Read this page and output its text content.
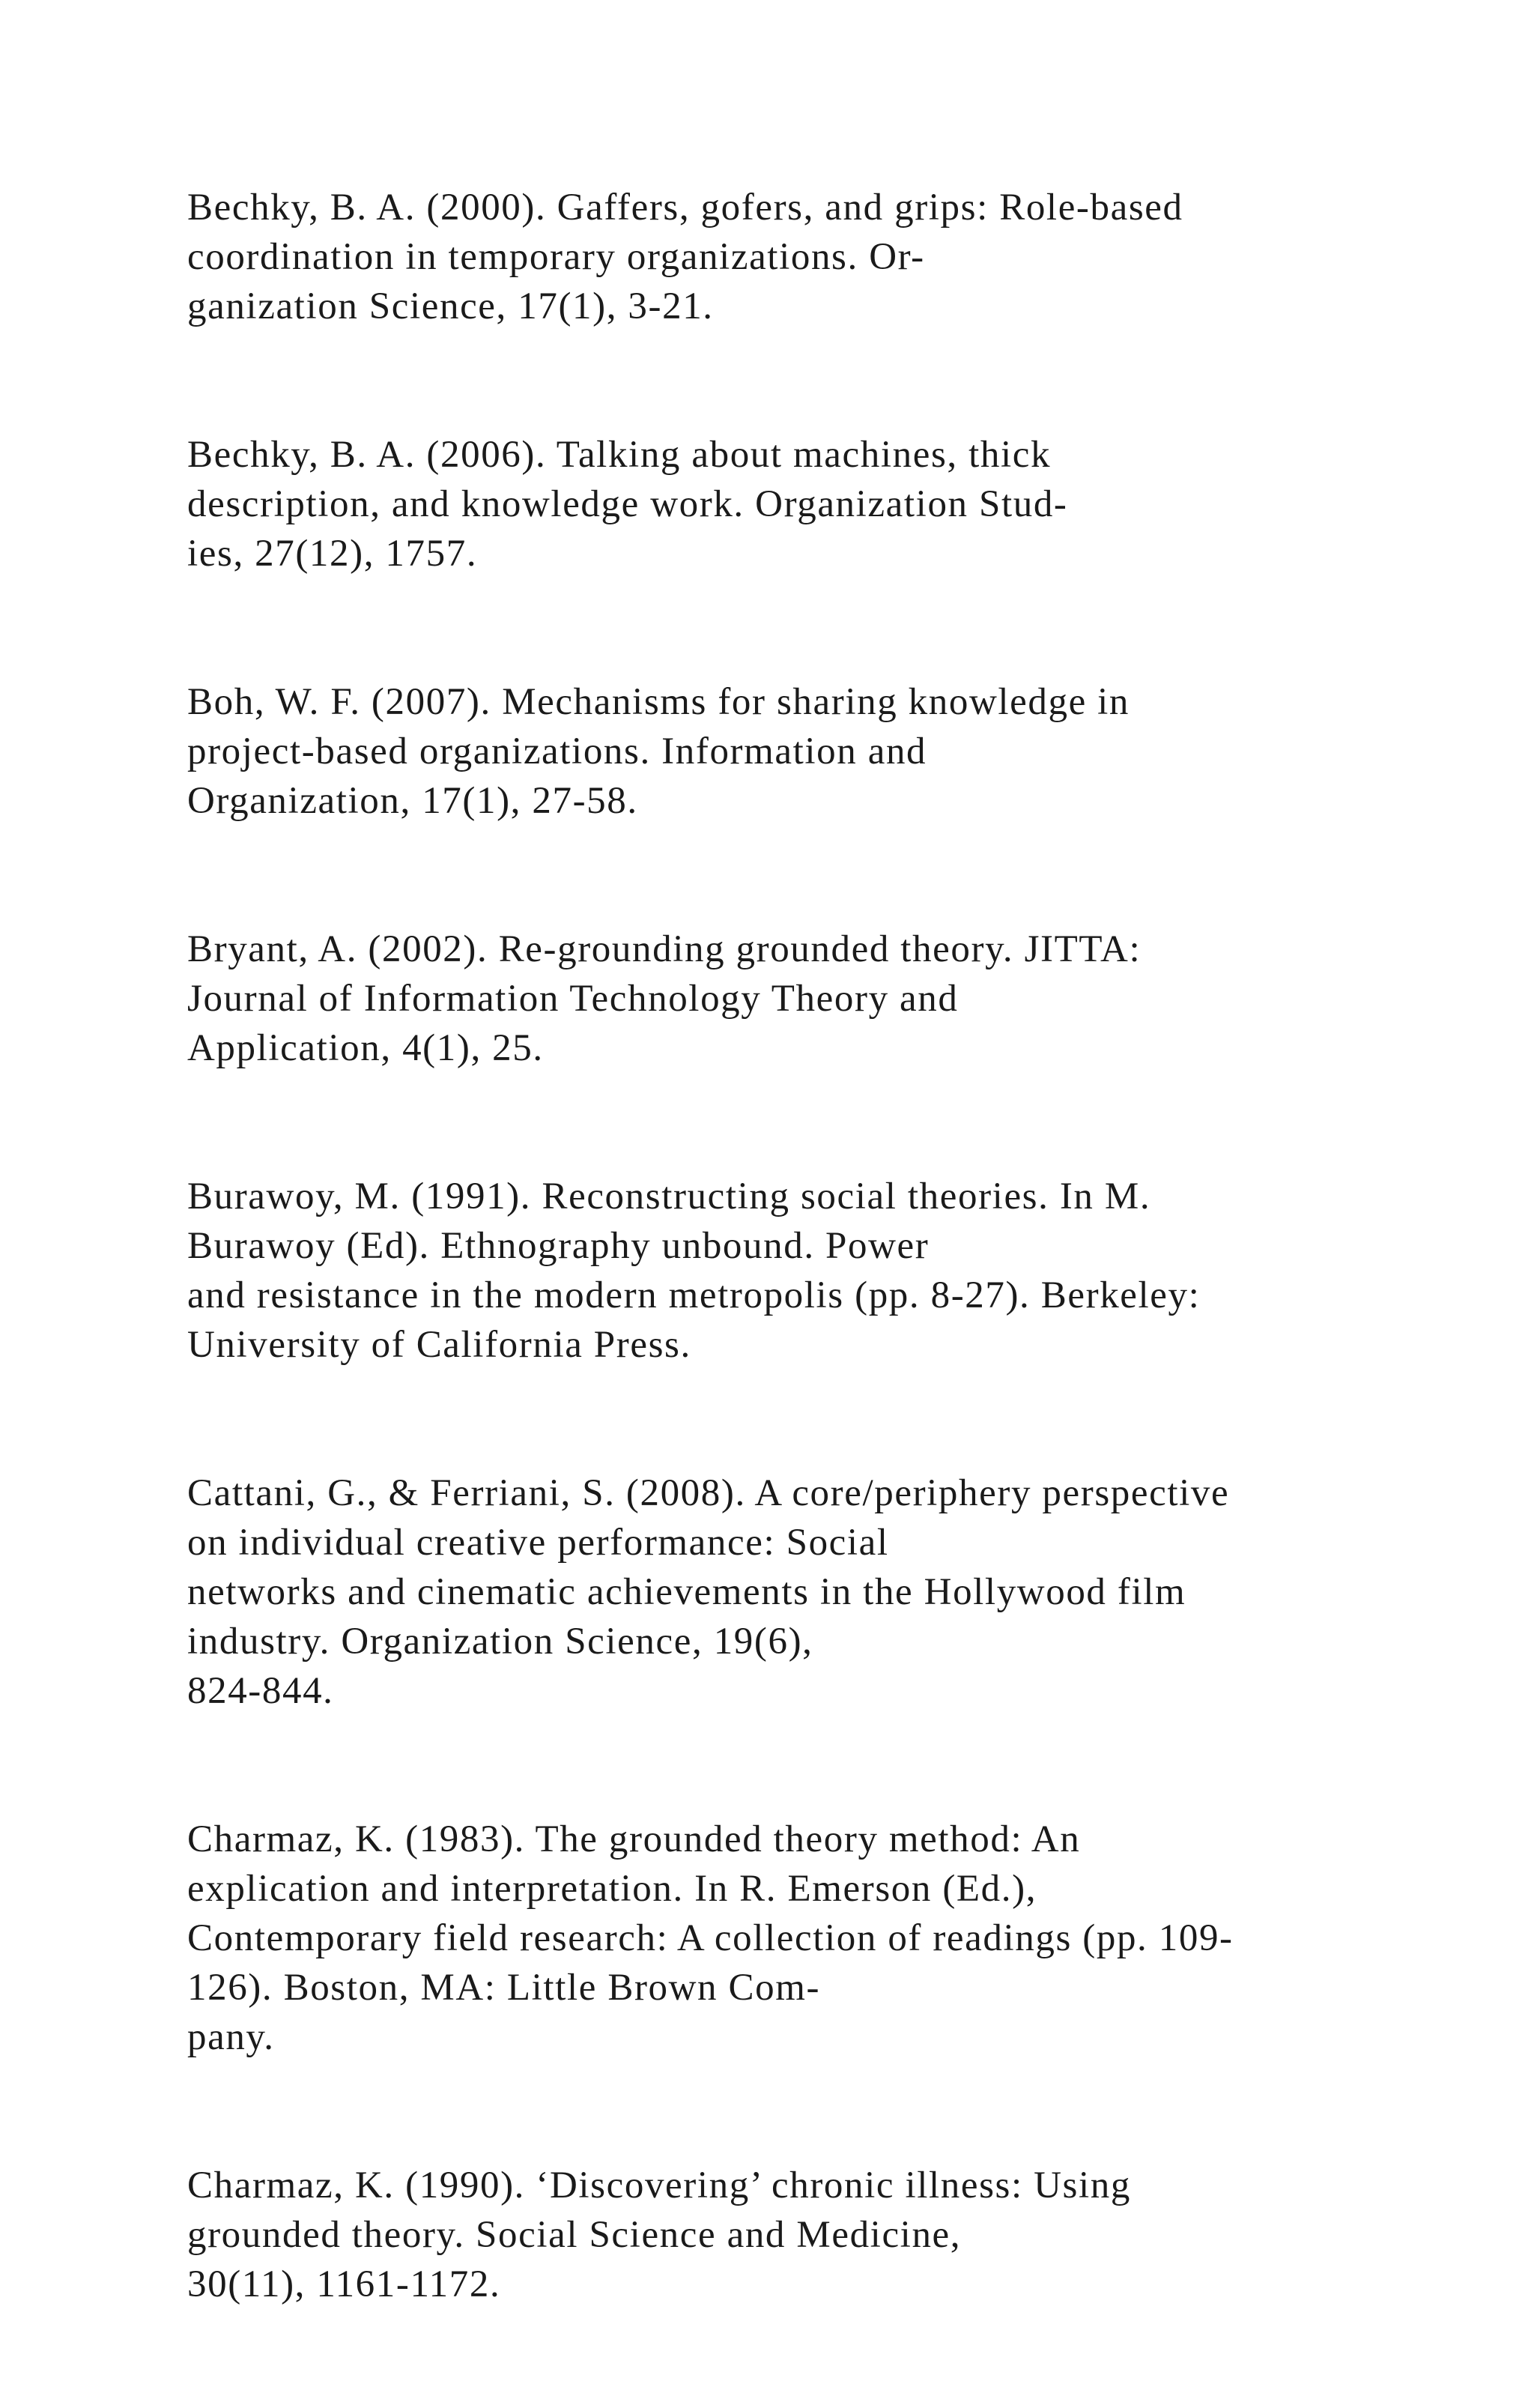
Bechky, B. A. (2000). Gaffers, gofers, and grips: Role-based
coordination in temporary organizations. Or-
ganization Science, 17(1), 3-21.
Bechky, B. A. (2006). Talking about machines, thick
description, and knowledge work. Organization Stud-
ies, 27(12), 1757.
Boh, W. F. (2007). Mechanisms for sharing knowledge in
project-based organizations. Information and
Organization, 17(1), 27-58.
Bryant, A. (2002). Re-grounding grounded theory. JITTA:
Journal of Information Technology Theory and
Application, 4(1), 25.
Burawoy, M. (1991). Reconstructing social theories. In M.
Burawoy (Ed). Ethnography unbound. Power
and resistance in the modern metropolis (pp. 8-27). Berkeley:
University of California Press.
Cattani, G., & Ferriani, S. (2008). A core/periphery perspective
on individual creative performance: Social
networks and cinematic achievements in the Hollywood film
industry. Organization Science, 19(6),
824-844.
Charmaz, K. (1983). The grounded theory method: An
explication and interpretation. In R. Emerson (Ed.),
Contemporary field research: A collection of readings (pp. 109-
126). Boston, MA: Little Brown Com-
pany.
Charmaz, K. (1990). ‘Discovering’ chronic illness: Using
grounded theory. Social Science and Medicine,
30(11), 1161-1172.
